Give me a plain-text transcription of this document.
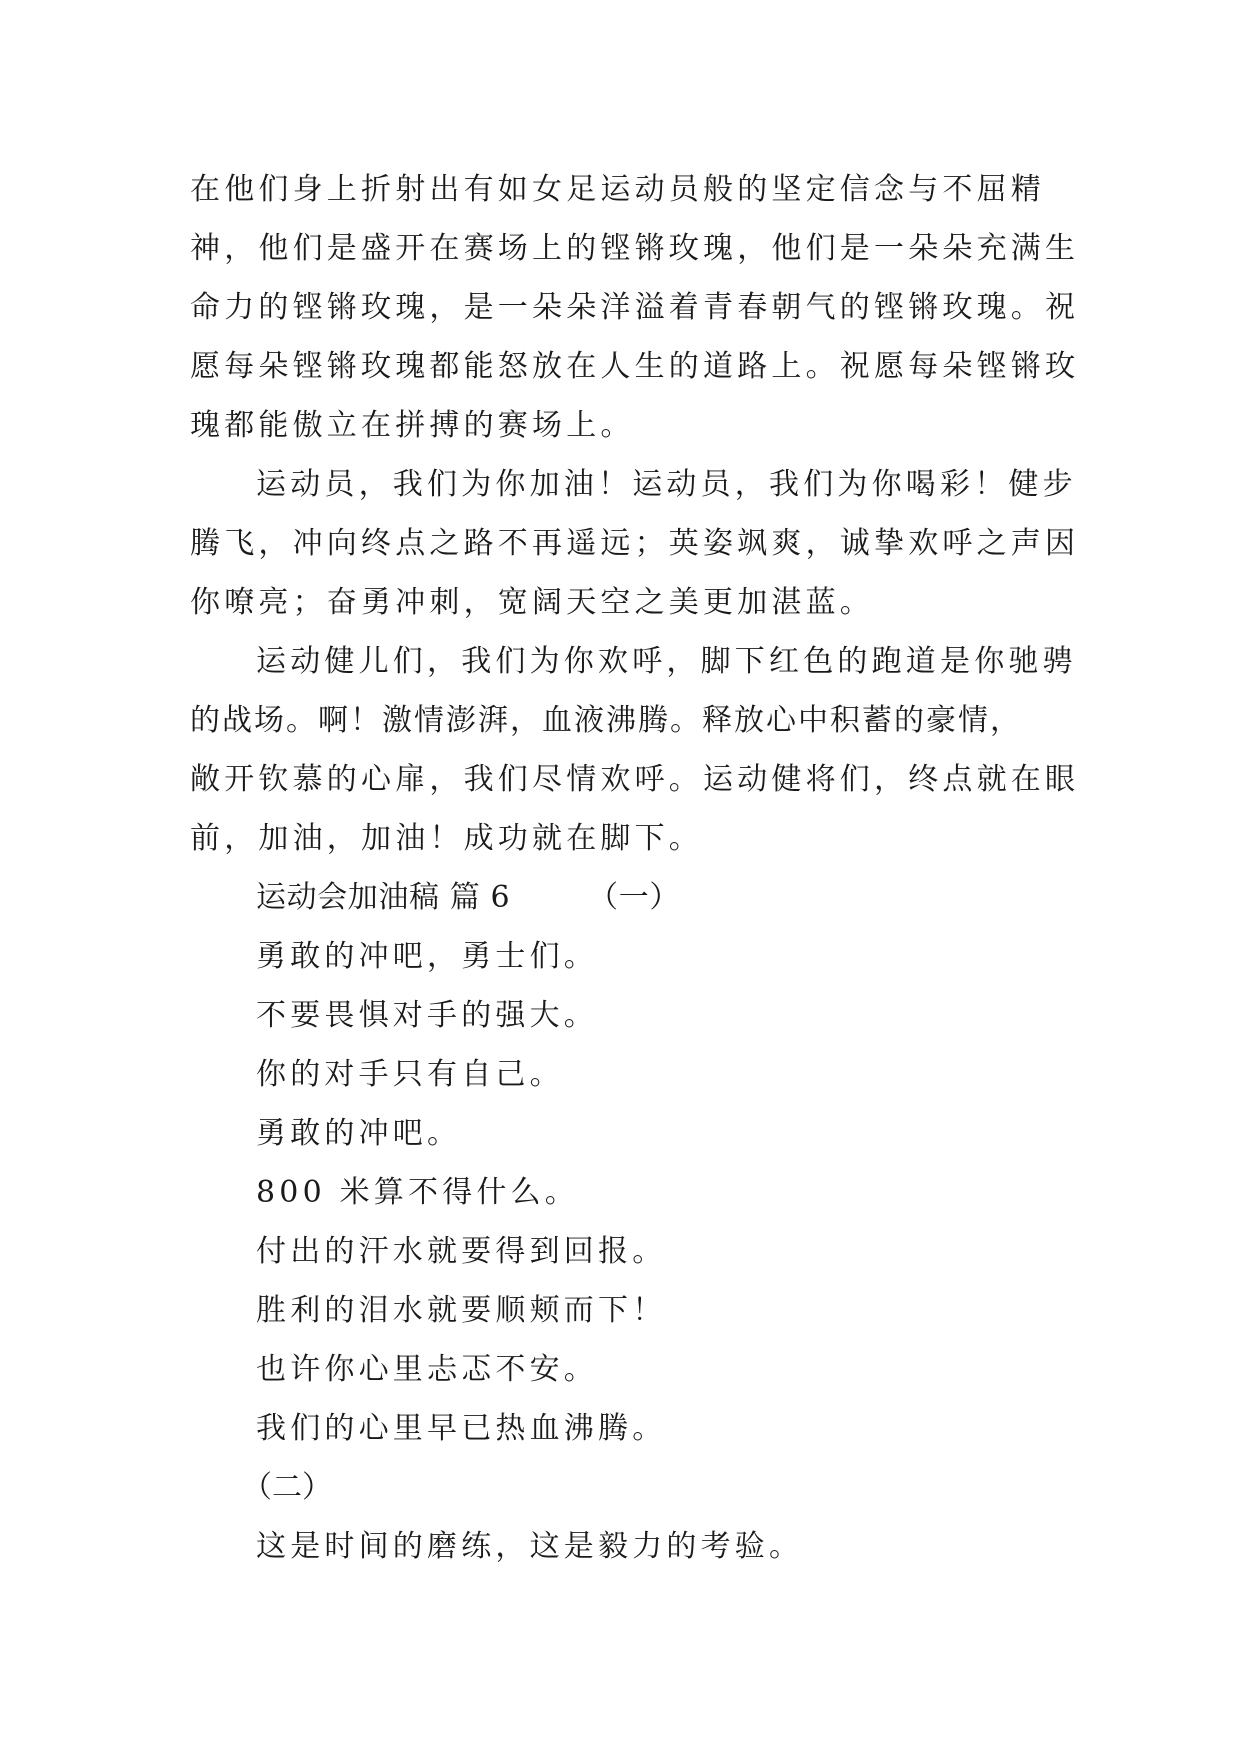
在他们身上折射出有如女足运动员般的坚定信念与不屈精
神，他们是盛开在赛场上的铿锵玫瑰，他们是一朵朵充满生
命力的铿锵玫瑰，是一朵朵洋溢着青春朝气的铿锵玫瑰。祝
愿每朵铿锵玫瑰都能怒放在人生的道路上。祝愿每朵铿锵玫
瑰都能傲立在拼搏的赛场上。
运动员，我们为你加油！运动员，我们为你喝彩！健步
腾飞，冲向终点之路不再遥远；英姿飒爽，诚挚欢呼之声因
你嘹亮；奋勇冲刺，宽阔天空之美更加湛蓝。
运动健儿们，我们为你欢呼，脚下红色的跑道是你驰骋
的战场。啊！激情澎湃，血液沸腾。释放心中积蓄的豪情，
敞开钦慕的心扉，我们尽情欢呼。运动健将们，终点就在眼
前，加油，加油！成功就在脚下。
运动会加油稿 篇 6	（一）
勇敢的冲吧，勇士们。
不要畏惧对手的强大。
你的对手只有自己。
勇敢的冲吧。
800 米算不得什么。
付出的汗水就要得到回报。
胜利的泪水就要顺颊而下！
也许你心里忐忑不安。
我们的心里早已热血沸腾。
（二）
这是时间的磨练，这是毅力的考验。
